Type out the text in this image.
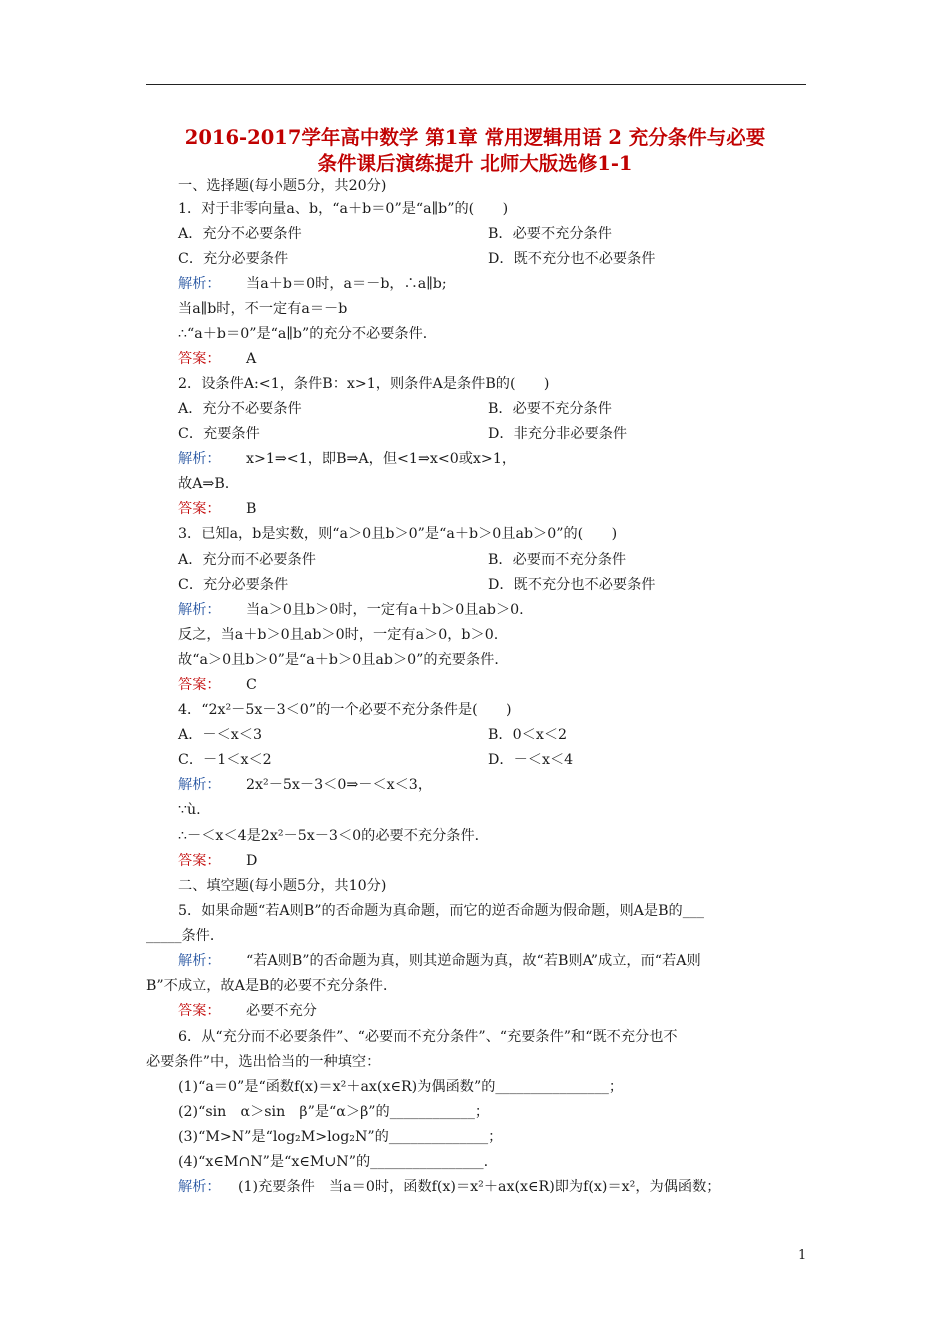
2016-2017学年高中数学 第1章 常用逻辑用语 2 充分条件与必要
条件课后演练提升 北师大版选修1-1
一、选择题(每小题5分，共20分)
1．对于非零向量a、b，“a＋b＝0”是“a∥b”的(　　)
A．充分不必要条件	B．必要不充分条件
C．充分必要条件	D．既不充分也不必要条件
解析： 当a＋b＝0时，a＝－b，∴a∥b;
当a∥b时，不一定有a＝－b
∴“a＋b＝0”是“a∥b”的充分不必要条件．
答案： A
2．设条件A:<1，条件B：x>1，则条件A是条件B的(　　)
A．充分不必要条件	B．必要不充分条件
C．充要条件	D．非充分非必要条件
解析： x>1⇒<1，即B⇒A，但<1⇒x<0或x>1，
故A⇒B.
答案： B
3．已知a，b是实数，则“a＞0且b＞0”是“a＋b＞0且ab＞0”的(　　)
A．充分而不必要条件	B．必要而不充分条件
C．充分必要条件	D．既不充分也不必要条件
解析： 当a＞0且b＞0时，一定有a＋b＞0且ab＞0.
反之，当a＋b＞0且ab＞0时，一定有a＞0，b＞0.
故“a＞0且b＞0”是“a＋b＞0且ab＞0”的充要条件．
答案： C
4．“2x²－5x－3＜0”的一个必要不充分条件是(　　)
A．－＜x＜3	B．0＜x＜2
C．－1＜x＜2	D．－＜x＜4
解析： 2x²－5x－3＜0⇒－＜x＜3，
∵ù.
∴－＜x＜4是2x²－5x－3＜0的必要不充分条件．
答案： D
二、填空题(每小题5分，共10分)
5．如果命题“若A则B”的否命题为真命题，而它的逆否命题为假命题，则A是B的___
_____条件．
解析： “若A则B”的否命题为真，则其逆命题为真，故“若B则A”成立，而“若A则
B”不成立，故A是B的必要不充分条件．
答案： 必要不充分
6．从“充分而不必要条件”、“必要而不充分条件”、“充要条件”和“既不充分也不
必要条件”中，选出恰当的一种填空：
(1)“a＝0”是“函数f(x)＝x²＋ax(x∈R)为偶函数”的________________；
(2)“sin　α＞sin　β”是“α＞β”的____________；
(3)“M>N”是“log₂M>log₂N”的______________；
(4)“x∈M∩N”是“x∈M∪N”的________________.
解析： (1)充要条件　当a＝0时，函数f(x)＝x²＋ax(x∈R)即为f(x)＝x²，为偶函数；
1
